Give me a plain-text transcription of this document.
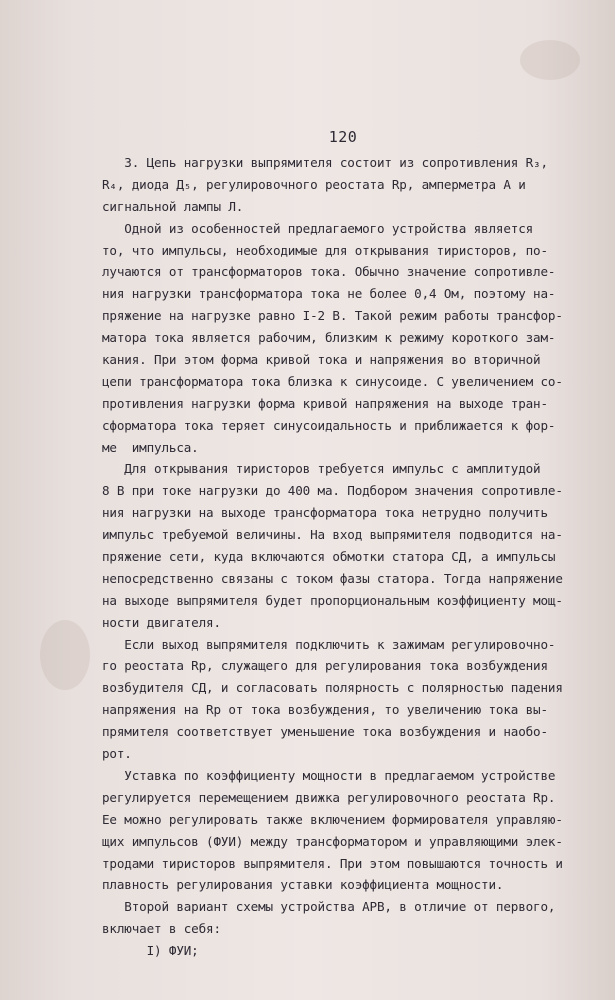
120
3. Цепь нагрузки выпрямителя состоит из сопротивления R₃,
R₄, диода Д₅, регулировочного реостата Rр, амперметра А и
сигнальной лампы Л.
Одной из особенностей предлагаемого устройства является
то, что импульсы, необходимые для открывания тиристоров, по-
лучаются от трансформаторов тока. Обычно значение сопротивле-
ния нагрузки трансформатора тока не более 0,4 Ом, поэтому на-
пряжение на нагрузке равно I-2 В. Такой режим работы трансфор-
матора тока является рабочим, близким к режиму короткого зам-
кания. При этом форма кривой тока и напряжения во вторичной
цепи трансформатора тока близка к синусоиде. С увеличением со-
противления нагрузки форма кривой напряжения на выходе тран-
сформатора тока теряет синусоидальность и приближается к фор-
ме  импульса.
Для открывания тиристоров требуется импульс с амплитудой
8 В при токе нагрузки до 400 ма. Подбором значения сопротивле-
ния нагрузки на выходе трансформатора тока нетрудно получить
импульс требуемой величины. На вход выпрямителя подводится на-
пряжение сети, куда включаются обмотки статора СД, а импульсы
непосредственно связаны с током фазы статора. Тогда напряжение
на выходе выпрямителя будет пропорциональным коэффициенту мощ-
ности двигателя.
Если выход выпрямителя подключить к зажимам регулировочно-
го реостата Rр, служащего для регулирования тока возбуждения
возбудителя СД, и согласовать полярность с полярностью падения
напряжения на Rр от тока возбуждения, то увеличению тока вы-
прямителя соответствует уменьшение тока возбуждения и наобо-
рот.
Уставка по коэффициенту мощности в предлагаемом устройстве
регулируется перемещением движка регулировочного реостата Rр.
Ее можно регулировать также включением формирователя управляю-
щих импульсов (ФУИ) между трансформатором и управляющими элек-
тродами тиристоров выпрямителя. При этом повышаются точность и
плавность регулирования уставки коэффициента мощности.
Второй вариант схемы устройства АРВ, в отличие от первого,
включает в себя:
I) ФУИ;
